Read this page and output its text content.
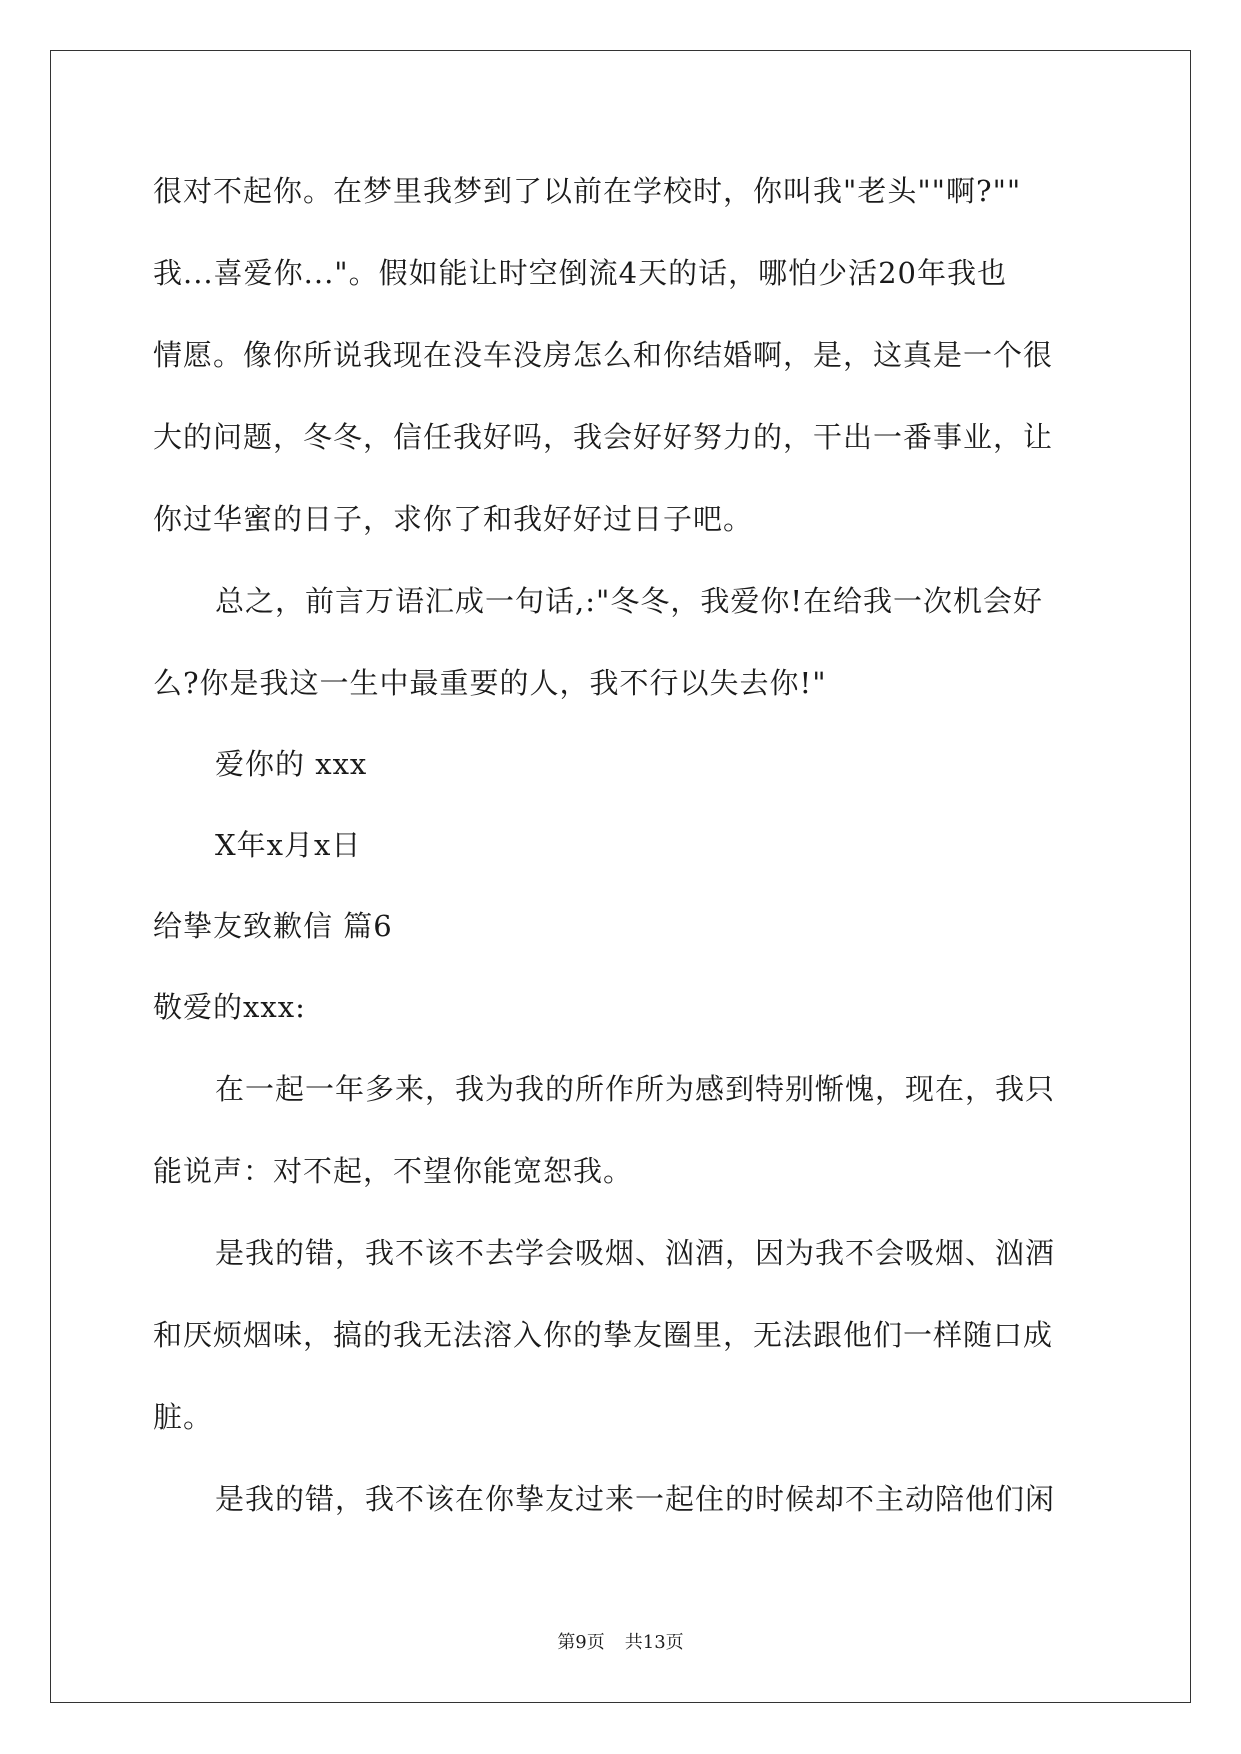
很对不起你。在梦里我梦到了以前在学校时，你叫我"老头""啊?""
我...喜爱你..."。假如能让时空倒流4天的话，哪怕少活20年我也
情愿。像你所说我现在没车没房怎么和你结婚啊，是，这真是一个很
大的问题，冬冬，信任我好吗，我会好好努力的，干出一番事业，让
你过华蜜的日子，求你了和我好好过日子吧。
总之，前言万语汇成一句话,:"冬冬，我爱你!在给我一次机会好
么?你是我这一生中最重要的人，我不行以失去你!"
爱你的 xxx
X年x月x日
给挚友致歉信 篇6
敬爱的xxx:
在一起一年多来，我为我的所作所为感到特别惭愧，现在，我只
能说声：对不起，不望你能宽恕我。
是我的错，我不该不去学会吸烟、汹酒，因为我不会吸烟、汹酒
和厌烦烟味，搞的我无法溶入你的挚友圈里，无法跟他们一样随口成
脏。
是我的错，我不该在你挚友过来一起住的时候却不主动陪他们闲
第9页 共13页
